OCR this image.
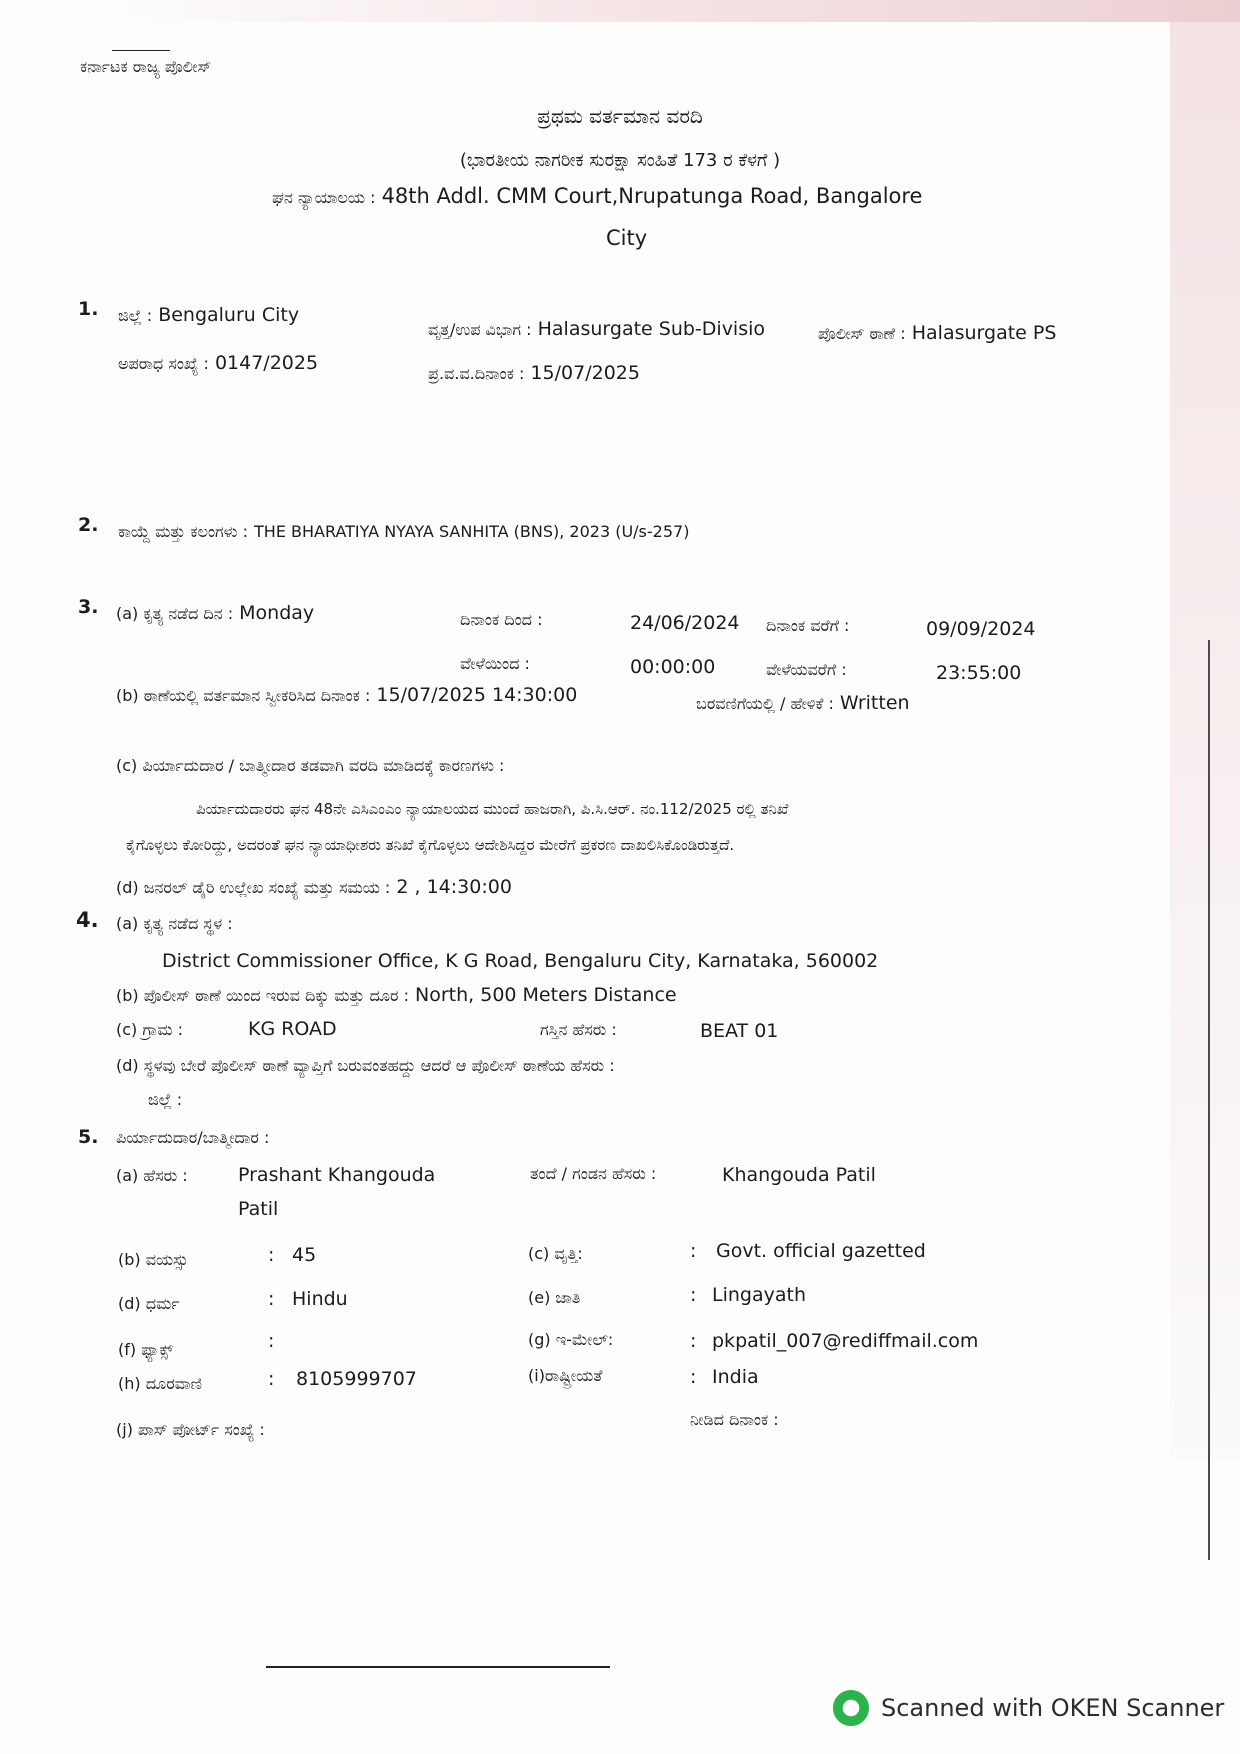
ಕರ್ನಾಟಕ ರಾಜ್ಯ ಪೊಲೀಸ್
ಪ್ರಥಮ ವರ್ತಮಾನ ವರದಿ
(ಭಾರತೀಯ ನಾಗರೀಕ ಸುರಕ್ಷಾ ಸಂಹಿತೆ 173 ರ ಕೆಳಗೆ )
ಘನ ನ್ಯಾಯಾಲಯ : 48th Addl. CMM Court,Nrupatunga Road, Bangalore
City
1. ಜಿಲ್ಲೆ : Bengaluru City
ವೃತ್ತ/ಉಪ ವಿಭಾಗ : Halasurgate Sub-Divisio	ಪೊಲೀಸ್ ಠಾಣೆ : Halasurgate PS
ಅಪರಾಧ ಸಂಖ್ಯೆ : 0147/2025	ಪ್ರ.ವ.ವ.ದಿನಾಂಕ : 15/07/2025
2. ಕಾಯ್ದೆ ಮತ್ತು ಕಲಂಗಳು : THE BHARATIYA NYAYA SANHITA (BNS), 2023 (U/s-257)
3. (a) ಕೃತ್ಯ ನಡೆದ ದಿನ : Monday	ದಿನಾಂಕ ದಿಂದ :	24/06/2024 ದಿನಾಂಕ ವರೆಗೆ :	09/09/2024
ವೇಳೆಯಿಂದ :	00:00:00	ವೇಳೆಯವರೆಗೆ :	23:55:00
(b) ಠಾಣೆಯಲ್ಲಿ ವರ್ತಮಾನ ಸ್ವೀಕರಿಸಿದ ದಿನಾಂಕ : 15/07/2025 14:30:00	ಬರವಣಿಗೆಯಲ್ಲಿ / ಹೇಳಿಕೆ : Written
(c) ಪಿರ್ಯಾದುದಾರ / ಬಾತ್ಮೀದಾರ ತಡವಾಗಿ ವರದಿ ಮಾಡಿದಕ್ಕೆ ಕಾರಣಗಳು :
ಪಿರ್ಯಾದುದಾರರು ಘನ 48ನೇ ಎಸಿಎಂಎಂ ನ್ಯಾಯಾಲಯದ ಮುಂದೆ ಹಾಜರಾಗಿ, ಪಿ.ಸಿ.ಆರ್. ನಂ.112/2025 ರಲ್ಲಿ ತನಿಖೆ
ಕೈಗೊಳ್ಳಲು ಕೋರಿದ್ದು, ಅದರಂತೆ ಘನ ನ್ಯಾಯಾಧೀಶರು ತನಿಖೆ ಕೈಗೊಳ್ಳಲು ಆದೇಶಿಸಿದ್ದರ ಮೇರೆಗೆ ಪ್ರಕರಣ ದಾಖಲಿಸಿಕೊಂಡಿರುತ್ತದೆ.
(d) ಜನರಲ್ ಡೈರಿ ಉಲ್ಲೇಖ ಸಂಖ್ಯೆ ಮತ್ತು ಸಮಯ : 2 , 14:30:00
4. (a) ಕೃತ್ಯ ನಡೆದ ಸ್ಥಳ :
District Commissioner Office, K G Road, Bengaluru City, Karnataka, 560002
(b) ಪೊಲೀಸ್ ಠಾಣೆ ಯಿಂದ ಇರುವ ದಿಕ್ಕು ಮತ್ತು ದೂರ : North, 500 Meters Distance
(c) ಗ್ರಾಮ :	KG ROAD	ಗಸ್ತಿನ ಹೆಸರು :	BEAT 01
(d) ಸ್ಥಳವು ಬೇರೆ ಪೊಲೀಸ್ ಠಾಣೆ ವ್ಯಾಪ್ತಿಗೆ ಬರುವಂತಹದ್ದು ಆದರೆ ಆ ಪೊಲೀಸ್ ಠಾಣೆಯ ಹೆಸರು :
ಜಿಲ್ಲೆ :
5. ಪಿರ್ಯಾದುದಾರ/ಬಾತ್ಮೀದಾರ :
(a) ಹೆಸರು :	Prashant Khangouda
Patil
ತಂದೆ / ಗಂಡನ ಹೆಸರು :	Khangouda Patil
(b) ವಯಸ್ಸು	: 45	(c) ವೃತ್ತಿ:	: Govt. official gazetted
(d) ಧರ್ಮ	: Hindu	(e) ಜಾತಿ	: Lingayath
(f) ಫ್ಯಾಕ್ಸ್	:	(g) ಇ-ಮೇಲ್:	: pkpatil_007@rediffmail.com
(h) ದೂರವಾಣಿ	: 8105999707	(i)ರಾಷ್ಟ್ರೀಯತೆ	: India
(j) ಪಾಸ್ ಪೋರ್ಟ್ ಸಂಖ್ಯೆ :
ನೀಡಿದ ದಿನಾಂಕ :
Scanned with OKEN Scanner
